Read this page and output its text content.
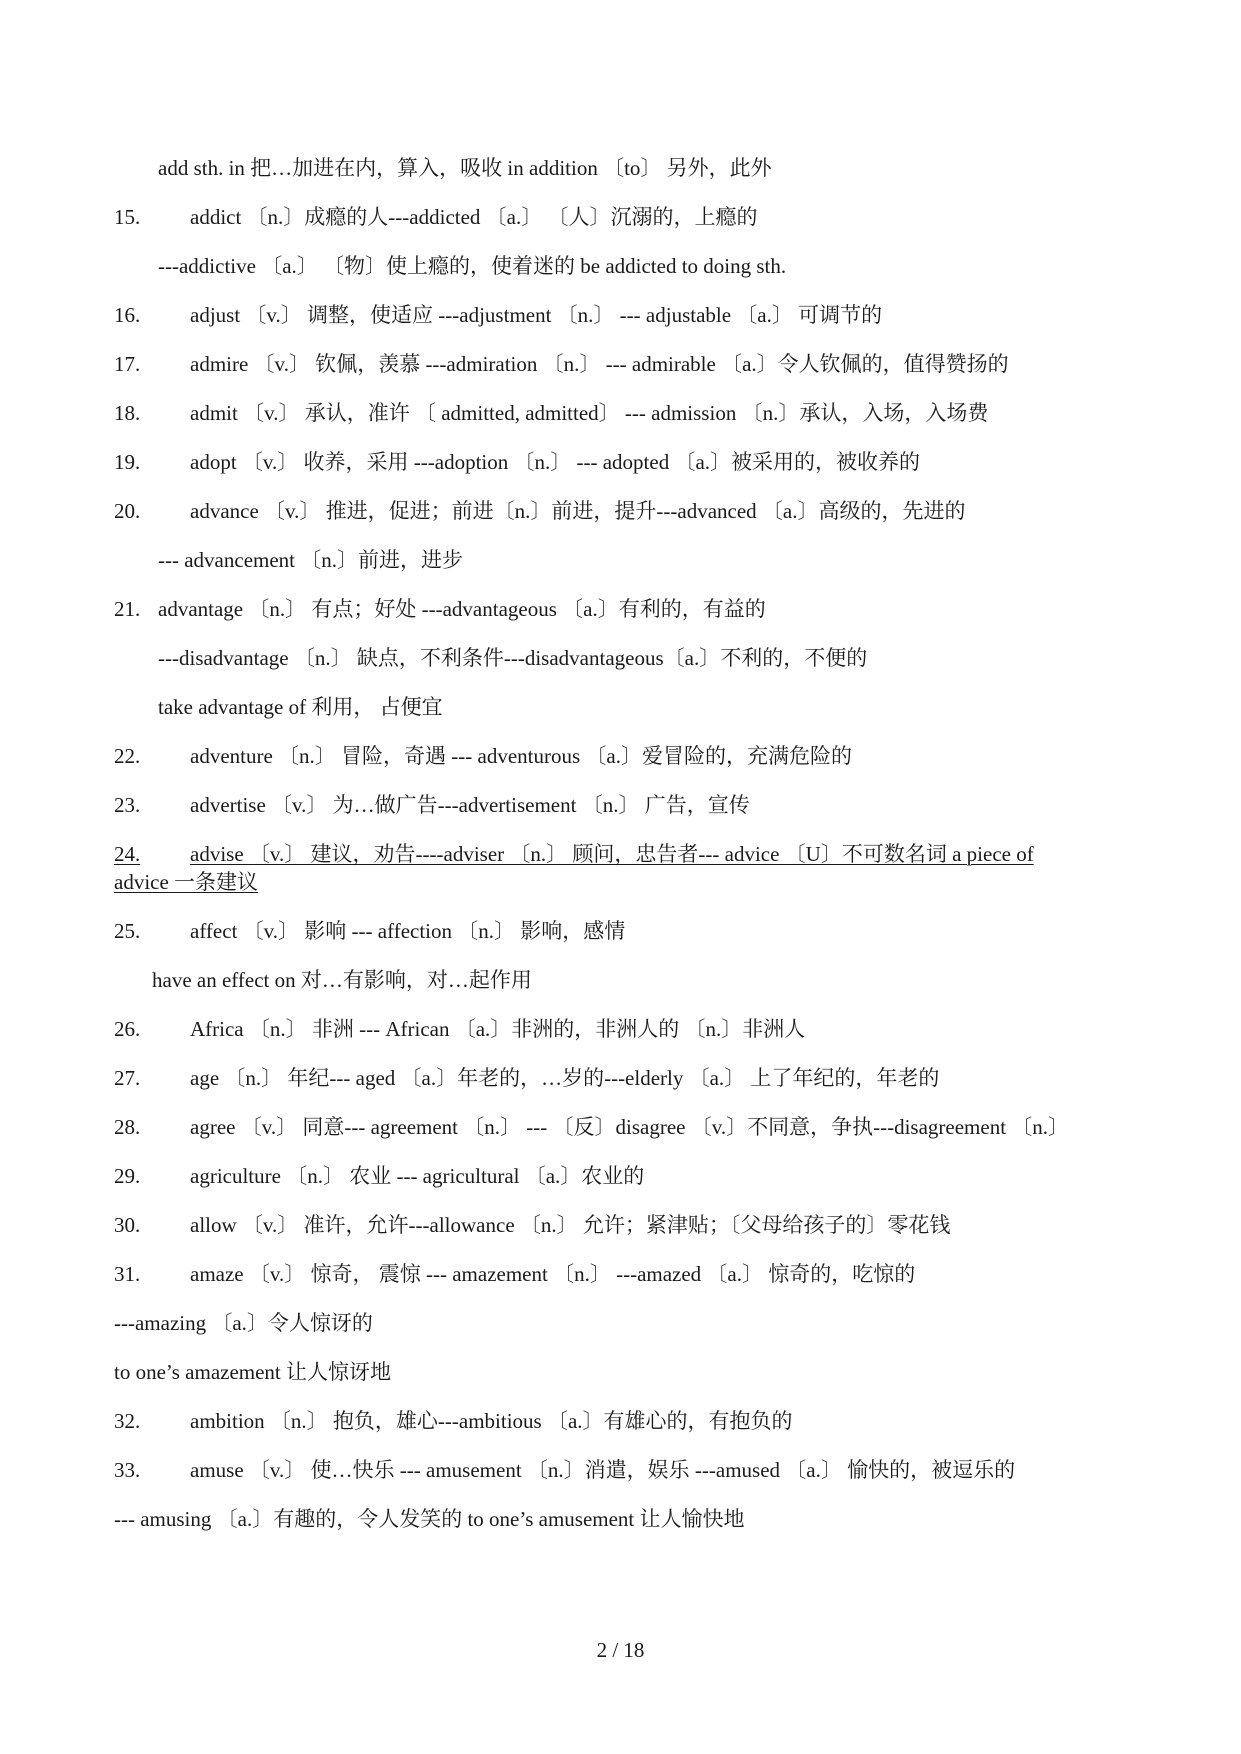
add sth. in 把…加进在内，算入，吸收 in addition 〔to〕 另外，此外
15. addict 〔n.〕成瘾的人---addicted 〔a.〕 〔人〕沉溺的，上瘾的
---addictive 〔a.〕 〔物〕使上瘾的，使着迷的 be addicted to doing sth.
16. adjust 〔v.〕 调整，使适应 ---adjustment 〔n.〕 --- adjustable 〔a.〕 可调节的
17. admire 〔v.〕 钦佩，羡慕 ---admiration 〔n.〕 --- admirable 〔a.〕令人钦佩的，值得赞扬的
18. admit 〔v.〕 承认，准许 〔 admitted, admitted〕 --- admission 〔n.〕承认，入场，入场费
19. adopt 〔v.〕 收养，采用 ---adoption 〔n.〕 --- adopted 〔a.〕被采用的，被收养的
20. advance 〔v.〕 推进，促进；前进〔n.〕前进，提升---advanced 〔a.〕高级的，先进的
--- advancement 〔n.〕前进，进步
21. advantage 〔n.〕 有点；好处 ---advantageous 〔a.〕有利的，有益的
---disadvantage 〔n.〕 缺点，不利条件---disadvantageous〔a.〕不利的，不便的
take advantage of 利用， 占便宜
22. adventure 〔n.〕 冒险，奇遇 --- adventurous 〔a.〕爱冒险的，充满危险的
23. advertise 〔v.〕 为…做广告---advertisement 〔n.〕 广告，宣传
24. advise 〔v.〕 建议，劝告----adviser 〔n.〕 顾问，忠告者--- advice 〔U〕不可数名词 a piece of
advice 一条建议
25. affect 〔v.〕 影响 --- affection 〔n.〕 影响，感情
have an effect on 对…有影响，对…起作用
26. Africa 〔n.〕 非洲 --- African 〔a.〕非洲的，非洲人的 〔n.〕非洲人
27. age 〔n.〕 年纪--- aged 〔a.〕年老的，…岁的---elderly 〔a.〕 上了年纪的，年老的
28. agree 〔v.〕 同意--- agreement 〔n.〕 --- 〔反〕disagree 〔v.〕不同意，争执---disagreement 〔n.〕
29. agriculture 〔n.〕 农业 --- agricultural 〔a.〕农业的
30. allow 〔v.〕 准许，允许---allowance 〔n.〕 允许；紧津贴；〔父母给孩子的〕零花钱
31. amaze 〔v.〕 惊奇， 震惊 --- amazement 〔n.〕 ---amazed 〔a.〕 惊奇的，吃惊的
---amazing 〔a.〕令人惊讶的
to one’s amazement 让人惊讶地
32. ambition 〔n.〕 抱负，雄心---ambitious 〔a.〕有雄心的，有抱负的
33. amuse 〔v.〕 使…快乐 --- amusement 〔n.〕消遣，娱乐 ---amused 〔a.〕 愉快的，被逗乐的
--- amusing 〔a.〕有趣的，令人发笑的 to one’s amusement 让人愉快地
2 / 18
